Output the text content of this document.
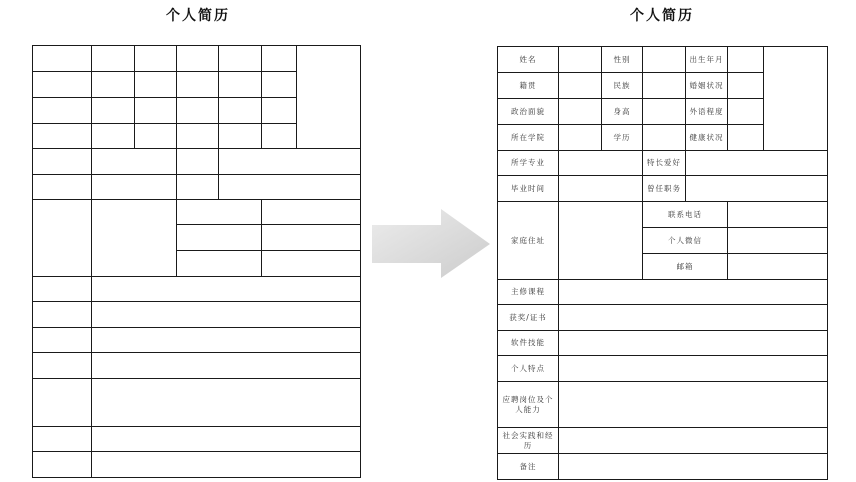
个人简历	个人简历

姓名		性别		出生年月		
籍贯		民族		婚姻状况		
政治面貌		身高		外语程度		
所在学院		学历		健康状况		
所学专业			特长爱好			
毕业时间			曾任职务			
家庭住址			联系电话			
			个人微信			
			邮箱			
主修课程						
获奖/证书						
软件技能						
个人特点						
应聘岗位及个人能力						
社会实践和经历						
备注						
